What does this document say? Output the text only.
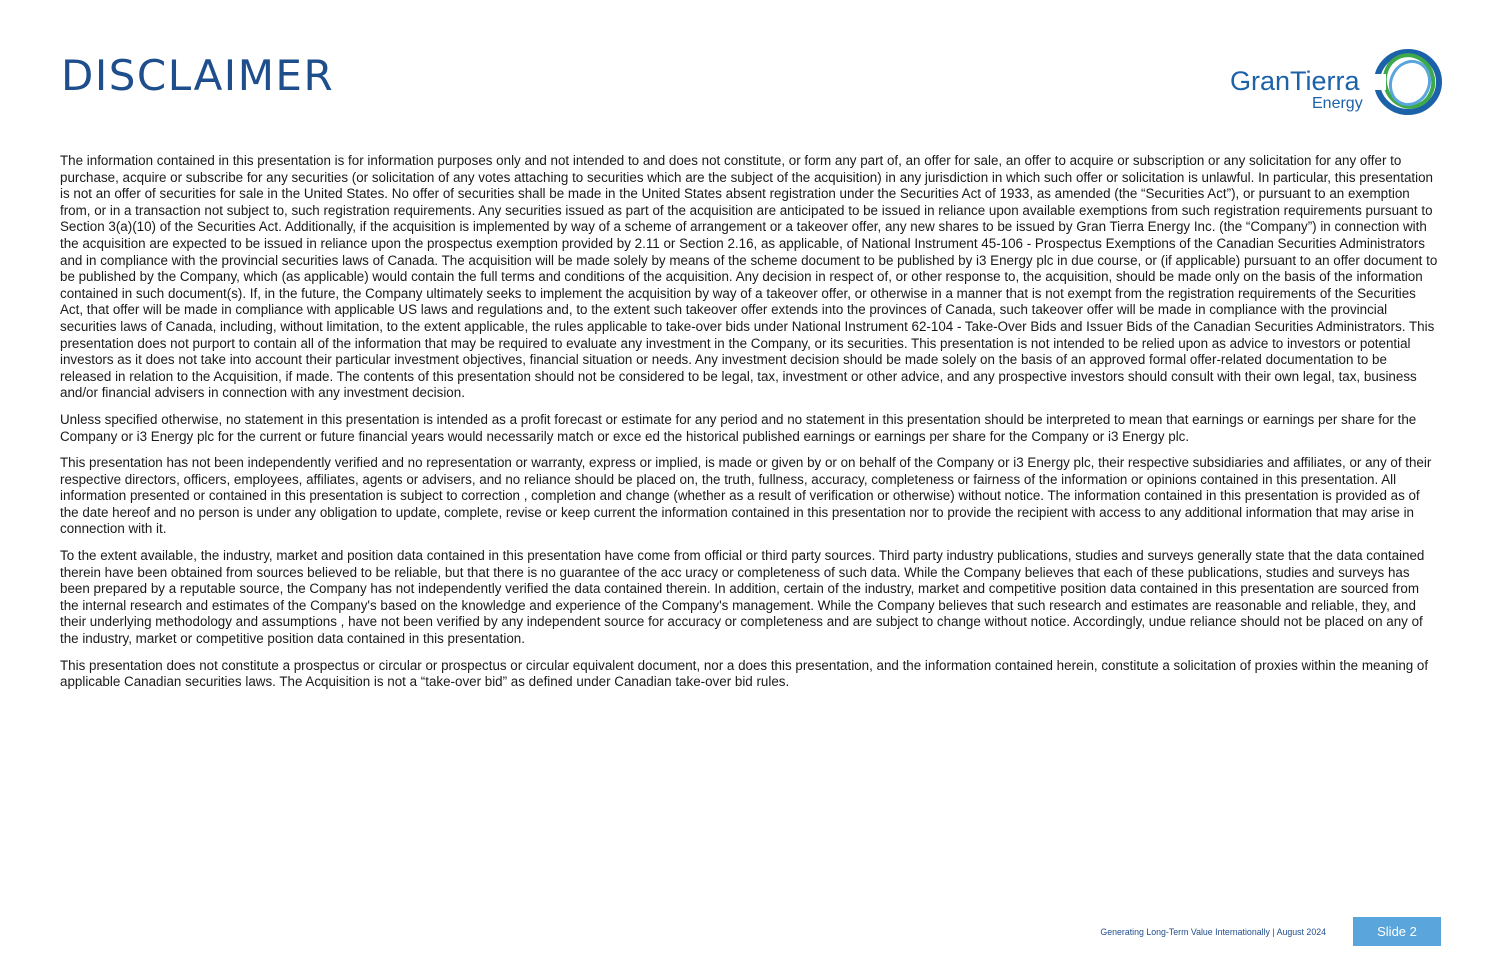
DISCLAIMER	GranTierra
Energy

The information contained in this presentation is for information purposes only and not intended to and does not constitute, or form any part of, an offer for sale, an offer to acquire or subscription or any solicitation for any offer to purchase, acquire or subscribe for any securities (or solicitation of any votes attaching to securities which are the subject of the acquisition) in any jurisdiction in which such offer or solicitation is unlawful. In particular, this presentation is not an offer of securities for sale in the United States. No offer of securities shall be made in the United States absent registration under the Securities Act of 1933, as amended (the “Securities Act”), or pursuant to an exemption from, or in a transaction not subject to, such registration requirements. Any securities issued as part of the acquisition are anticipated to be issued in reliance upon available exemptions from such registration requirements pursuant to Section 3(a)(10) of the Securities Act. Additionally, if the acquisition is implemented by way of a scheme of arrangement or a takeover offer, any new shares to be issued by Gran Tierra Energy Inc. (the “Company”) in connection with the acquisition are expected to be issued in reliance upon the prospectus exemption provided by 2.11 or Section 2.16, as applicable, of National Instrument 45-106 - Prospectus Exemptions of the Canadian Securities Administrators and in compliance with the provincial securities laws of Canada. The acquisition will be made solely by means of the scheme document to be published by i3 Energy plc in due course, or (if applicable) pursuant to an offer document to be published by the Company, which (as applicable) would contain the full terms and conditions of the acquisition. Any decision in respect of, or other response to, the acquisition, should be made only on the basis of the information contained in such document(s). If, in the future, the Company ultimately seeks to implement the acquisition by way of a takeover offer, or otherwise in a manner that is not exempt from the registration requirements of the Securities Act, that offer will be made in compliance with applicable US laws and regulations and, to the extent such takeover offer extends into the provinces of Canada, such takeover offer will be made in compliance with the provincial securities laws of Canada, including, without limitation, to the extent applicable, the rules applicable to take-over bids under National Instrument 62-104 - Take-Over Bids and Issuer Bids of the Canadian Securities Administrators. This presentation does not purport to contain all of the information that may be required to evaluate any investment in the Company, or its securities. This presentation is not intended to be relied upon as advice to investors or potential investors as it does not take into account their particular investment objectives, financial situation or needs. Any investment decision should be made solely on the basis of an approved formal offer-related documentation to be released in relation to the Acquisition, if made. The contents of this presentation should not be considered to be legal, tax, investment or other advice, and any prospective investors should consult with their own legal, tax, business and/or financial advisers in connection with any investment decision.

Unless specified otherwise, no statement in this presentation is intended as a profit forecast or estimate for any period and no statement in this presentation should be interpreted to mean that earnings or earnings per share for the Company or i3 Energy plc for the current or future financial years would necessarily match or exce ed the historical published earnings or earnings per share for the Company or i3 Energy plc.

This presentation has not been independently verified and no representation or warranty, express or implied, is made or given by or on behalf of the Company or i3 Energy plc, their respective subsidiaries and affiliates, or any of their respective directors, officers, employees, affiliates, agents or advisers, and no reliance should be placed on, the truth, fullness, accuracy, completeness or fairness of the information or opinions contained in this presentation. All information presented or contained in this presentation is subject to correction , completion and change (whether as a result of verification or otherwise) without notice. The information contained in this presentation is provided as of the date hereof and no person is under any obligation to update, complete, revise or keep current the information contained in this presentation nor to provide the recipient with access to any additional information that may arise in connection with it.

To the extent available, the industry, market and position data contained in this presentation have come from official or third party sources. Third party industry publications, studies and surveys generally state that the data contained therein have been obtained from sources believed to be reliable, but that there is no guarantee of the acc uracy or completeness of such data. While the Company believes that each of these publications, studies and surveys has been prepared by a reputable source, the Company has not independently verified the data contained therein. In addition, certain of the industry, market and competitive position data contained in this presentation are sourced from the internal research and estimates of the Company's based on the knowledge and experience of the Company's management. While the Company believes that such research and estimates are reasonable and reliable, they, and their underlying methodology and assumptions , have not been verified by any independent source for accuracy or completeness and are subject to change without notice. Accordingly, undue reliance should not be placed on any of the industry, market or competitive position data contained in this presentation.

This presentation does not constitute a prospectus or circular or prospectus or circular equivalent document, nor a does this presentation, and the information contained herein, constitute a solicitation of proxies within the meaning of applicable Canadian securities laws. The Acquisition is not a “take-over bid” as defined under Canadian take-over bid rules.

Generating Long-Term Value Internationally | August 2024	Slide 2
